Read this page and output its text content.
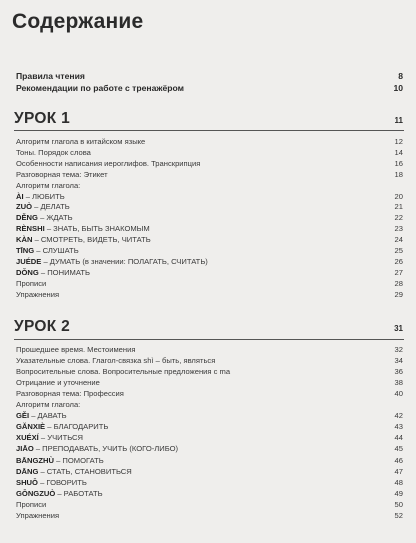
Содержание
Правила чтения	8
Рекомендации по работе с тренажёром	10
УРОК 1	11
Алгоритм глагола в китайском языке	12
Тоны. Порядок слова	14
Особенности написания иероглифов. Транскрипция	16
Разговорная тема: Этикет	18
Алгоритм глагола:
ÀI – ЛЮБИТЬ	20
ZUÒ – ДЕЛАТЬ	21
DĚNG – ЖДАТЬ	22
RÈNSHI – ЗНАТЬ, БЫТЬ ЗНАКОМЫМ	23
KÀN – СМОТРЕТЬ, ВИДЕТЬ, ЧИТАТЬ	24
TĪNG – СЛУШАТЬ	25
JUÉDE – ДУМАТЬ (в значении: ПОЛАГАТЬ, СЧИТАТЬ)	26
DǑNG – ПОНИМАТЬ	27
Прописи	28
Упражнения	29
УРОК 2	31
Прошедшее время. Местоимения	32
Указательные слова. Глагол-связка shì – быть, являться	34
Вопросительные слова. Вопросительные предложения с ma	36
Отрицание и уточнение	38
Разговорная тема: Профессия	40
Алгоритм глагола:
GĚI – ДАВАТЬ	42
GĂNXIÈ – БЛАГОДАРИТЬ	43
XUÉXÍ – УЧИТЬСЯ	44
JIĀO – ПРЕПОДАВАТЬ, УЧИТЬ (КОГО-ЛИБО)	45
BĀNGZHÙ – ПОМОГАТЬ	46
DĀNG – СТАТЬ, СТАНОВИТЬСЯ	47
SHUŌ – ГОВОРИТЬ	48
GŌNGZUÒ – РАБОТАТЬ	49
Прописи	50
Упражнения	52
